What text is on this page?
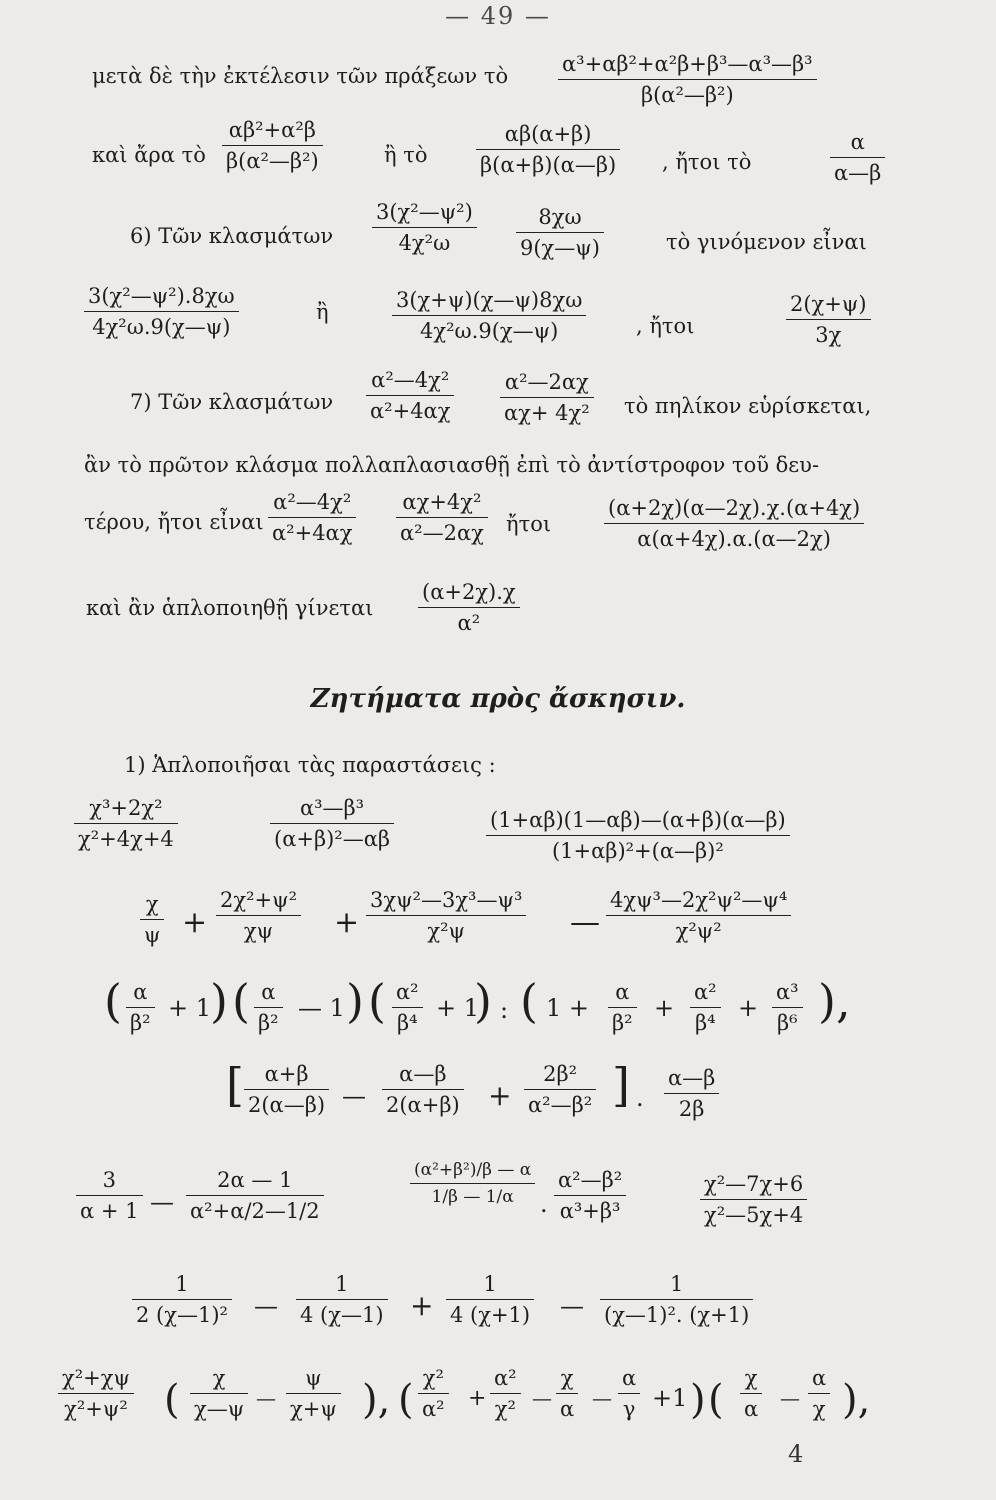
— 49 —
μετὰ δὲ τὴν ἐκτέλεσιν τῶν πράξεων τὸ $\frac{\text{α³+αβ²+α²β+β³—α³—β³}}{\text{β(α²—β²)}}$
καὶ ἄρα τὸ $\frac{\text{αβ²+α²β}}{\text{β(α²—β²)}}$	ἢ τὸ $\frac{\alpha\beta(\alpha+\beta)}{\beta(\alpha+\beta)(\alpha—\beta)}$ , ἤτοι τὸ	$\frac{\alpha}{\alpha—\beta}$
6) Τῶν κλασμάτων $\frac{\text{3(χ²—ψ²)}}{\text{4χ²ω}} \frac{8\chi\omega}{9(\chi—\psi)}$	τὸ γινόμενον εἶναι
$\frac{\text{3(χ²—ψ²).8χω}}{\text{4χ²ω.9(χ—ψ)}}$	ἢ	$\frac{3(\chi+\psi)(\chi—\psi)8\chi\omega}{\text{4χ²ω.9(χ—ψ)}}$ , ἤτοι	$\frac{2(\chi+\psi)}{3\chi}$
7) Τῶν κλασμάτων $\frac{\text{α²—4χ²}}{\text{α²+4αχ}} \frac{\text{α²—2αχ}}{\text{αχ+ 4χ²}}$ τὸ πηλίκον εὑρίσκεται,
ἂν τὸ πρῶτον κλάσμα πολλαπλασιασθῇ ἐπὶ τὸ ἀντίστροφον τοῦ δευ-
τέρου, ἤτοι εἶναι $\frac{\text{α²—4χ²}}{\text{α²+4αχ}} \frac{\text{αχ+4χ²}}{\text{α²—2αχ}}$ ἤτοι	$\frac{(\alpha+2\chi)(\alpha—2\chi).\chi.(\alpha+4\chi)}{\alpha(\alpha+4\chi).\alpha.(\alpha—2\chi)}$
καὶ ἂν ἁπλοποιηθῇ γίνεται $\frac{(\alpha+2\chi).\chi}{\text{α²}}$
Ζητήματα πρὸς ἄσκησιν.
1) Ἁπλοποιῆσαι τὰς παραστάσεις :
$\frac{\text{χ³+2χ²}}{\text{χ²+4χ+4}}$	$\frac{\text{α³—β³}}{\text{(α+β)²—αβ}}$	$\frac{(1+\alpha\beta)(1—\alpha\beta)—(\alpha+\beta)(\alpha—\beta)}{\text{(1+αβ)²+(α—β)²}}$
$\frac{\chi}{\psi} + \frac{\text{2χ²+ψ²}}{\chi\psi} + \frac{\text{3χψ²—3χ³—ψ³}}{\text{χ²ψ}}$ — $\frac{\text{4χψ³—2χ²ψ²—ψ⁴}}{\text{χ²ψ²}}$
( $\frac{\alpha}{\text{β²}} + 1$
) ( $\frac{\alpha}{\text{β²}}$ — 1 ) ( $\frac{\text{α²}}{\text{β⁴}} + 1$
) : ( $1 + \frac{\alpha}{\text{β²}} + \frac{\text{α²}}{\text{β⁴}} + \frac{\text{α³}}{\text{β⁶}}$ ),
[ $\frac{\alpha+\beta}{2(\alpha—\beta)}$ — $\frac{\alpha—\beta}{2(\alpha+\beta)} + \frac{\text{2β²}}{\text{α²—β²}}$ ] . $\frac{\alpha—\beta}{2\beta}$
$\frac{3}{\alpha + 1}$ — $\frac{2\alpha — 1}{\text{α²+α/2—1/2}}$	$\frac{\text{(α²+β²)/β — α}}{1/\beta — 1/\alpha}$ . $\frac{\text{α²—β²}}{\text{α³+β³}}$	$\frac{\text{χ²—7χ+6}}{\text{χ²—5χ+4}}$
$\frac{1}{\text{2 (χ—1)²}}$ — $\frac{1}{4 (\chi—1)} + \frac{1}{4 (\chi+1)}$ — $\frac{1}{\text{(χ—1)². (χ+1)}}$
$\frac{\text{χ²+χψ}}{\text{χ²+ψ²}}$ ( $\frac{\chi}{\chi—\psi}$ — $\frac{\psi}{\chi+\psi}$ ), ( $\frac{\text{χ²}}{\text{α²}} + \frac{\text{α²}}{\text{χ²}}$ — $\frac{\chi}{\alpha}$ — $\frac{\alpha}{\gamma} +1$ ) ( $\frac{\chi}{\alpha}$ — $\frac{\alpha}{\chi}$ ),
4
